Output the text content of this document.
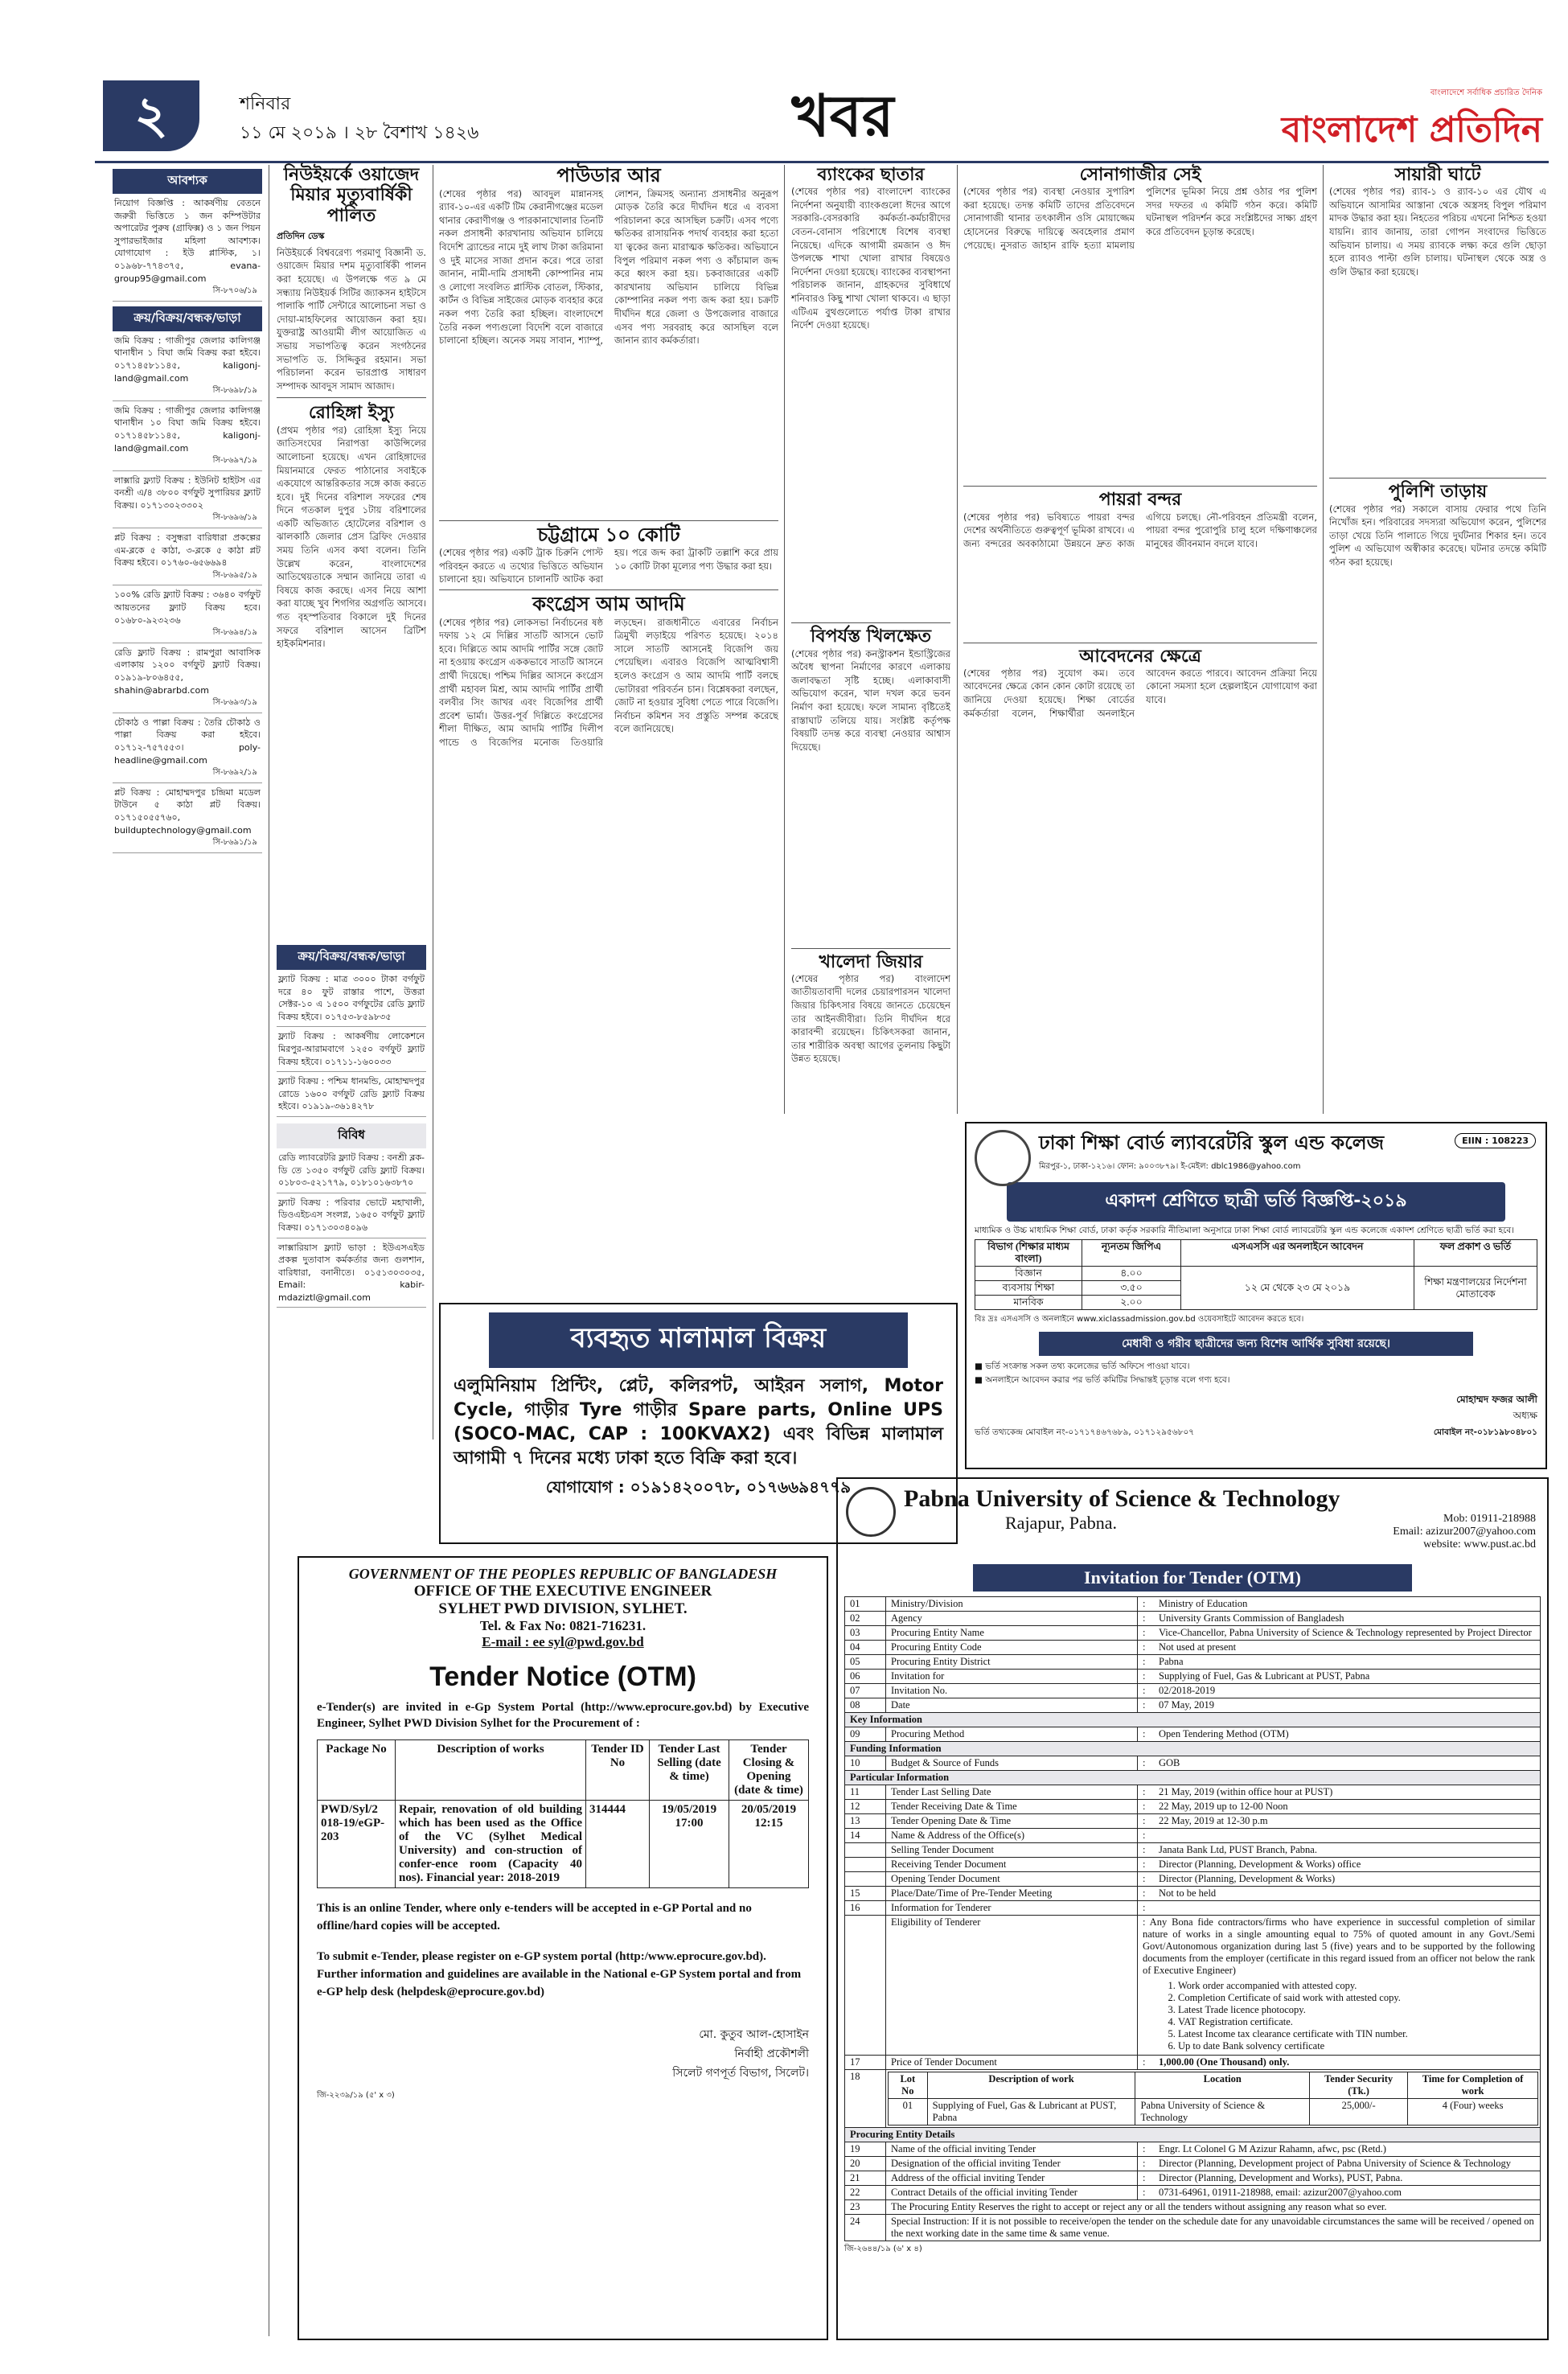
২	শনিবার
১১ মে ২০১৯ । ২৮ বৈশাখ ১৪২৬	খবর	বাংলাদেশে সর্বাধিক প্রচারিত দৈনিক
বাংলাদেশ প্রতিদিন
আবশ্যক
নিয়োগ বিজ্ঞপ্তি : আকর্ষণীয় বেতনে জরুরী ভিত্তিতে ১ জন কম্পিউটার অপারেটর পুরুষ (গ্রাফিক্স) ও ১ জন পিয়ন সুপারভাইজার মহিলা আবশ্যক। যোগাযোগ : ইউ প্লাস্টিক, ১। ০১৯৬৮-৭৭৪৩৭৫, evana-group95@gmail.com
সি-৮৭০৬/১৯
ক্রয়/বিক্রয়/বন্ধক/ভাড়া
জমি বিক্রয় : গাজীপুর জেলার কালিগঞ্জ থানাধীন ১ বিঘা জমি বিক্রয় করা হইবে। ০১৭১৪৫৮১১৪৫, kaligonj-land@gmail.com
সি-৮৬৯৮/১৯
জমি বিক্রয় : গাজীপুর জেলার কালিগঞ্জ থানাধীন ১০ বিঘা জমি বিক্রয় হইবে। ০১৭১৪৫৮১১৪৫, kaligonj-land@gmail.com
সি-৮৬৯৭/১৯
লাক্সারি ফ্ল্যাট বিক্রয় : ইউনিট হাইটস এর বনশ্রী এ/৪ ৩৮০০ বর্গফুট সুপারিয়র ফ্ল্যাট বিক্রয়। ০১৭১৩০২৩৩০২
সি-৮৬৯৬/১৯
প্লট বিক্রয় : বসুন্ধরা বারিধারা প্রকল্পের এম-ব্লকে ৫ কাঠা, ৩-ব্লকে ৫ কাঠা প্লট বিক্রয় হইবে। ০১৭৬০-৬৫৬৬৯৪
সি-৮৬৯৫/১৯
১০০% রেডি ফ্ল্যাট বিক্রয় : ৩৬৪০ বর্গফুট আয়তনের ফ্ল্যাট বিক্রয় হবে। ০১৬৮০-৯২৩২৩৬
সি-৮৬৯৪/১৯
রেডি ফ্ল্যাট বিক্রয় : রামপুরা আবাসিক এলাকায় ১২০০ বর্গফুট ফ্ল্যাট বিক্রয়। ০১৯১৯-৮০৬৪৫৫, shahin@abrarbd.com
সি-৮৬৯৩/১৯
চৌকাঠ ও পাল্লা বিক্রয় : তৈরি চৌকাঠ ও পাল্লা বিক্রয় করা হইবে। ০১৭১২-৭৫৭৫৫৩। poly-headline@gmail.com
সি-৮৬৯২/১৯
প্লট বিক্রয় : মোহাম্মদপুর চন্দ্রিমা মডেল টাউনে ৫ কাঠা প্লট বিক্রয়। ০১৭১৫০৫৫৭৬০, builduptechnology@gmail.com
সি-৮৬৯১/১৯
নিউইয়র্কে ওয়াজেদ মিয়ার মৃত্যুবার্ষিকী পালিত
প্রতিদিন ডেস্ক
নিউইয়র্কে বিশ্ববরেণ্য পরমাণু বিজ্ঞানী ড. ওয়াজেদ মিয়ার দশম মৃত্যুবার্ষিকী পালন করা হয়েছে। এ উপলক্ষে গত ৯ মে সন্ধ্যায় নিউইয়র্ক সিটির জ্যাকসন হাইটসে পালাকি পার্টি সেন্টারে আলোচনা সভা ও দোয়া-মাহফিলের আয়োজন করা হয়। যুক্তরাষ্ট্র আওয়ামী লীগ আয়োজিত এ সভায় সভাপতিত্ব করেন সংগঠনের সভাপতি ড. সিদ্দিকুর রহমান। সভা পরিচালনা করেন ভারপ্রাপ্ত সাধারণ সম্পাদক আবদুস সামাদ আজাদ।
রোহিঙ্গা ইস্যু
(প্রথম পৃষ্ঠার পর) রোহিঙ্গা ইস্যু নিয়ে জাতিসংঘের নিরাপত্তা কাউন্সিলের আলোচনা হয়েছে। এখন রোহিঙ্গাদের মিয়ানমারে ফেরত পাঠানোর সবাইকে একযোগে আন্তরিকতার সঙ্গে কাজ করতে হবে। দুই দিনের বরিশাল সফরের শেষ দিনে গতকাল দুপুর ১টায় বরিশালের একটি অভিজাত হোটেলের বরিশাল ও ঝালকাঠি জেলার প্রেস ব্রিফিং দেওয়ার সময় তিনি এসব কথা বলেন। তিনি উল্লেখ করেন, বাংলাদেশের আতিথেয়তাকে সম্মান জানিয়ে তারা এ বিষয়ে কাজ করছে। এসব নিয়ে আশা করা যাচ্ছে খুব শিগগির অগ্রগতি আসবে। গত বৃহস্পতিবার বিকালে দুই দিনের সফরে বরিশাল আসেন ব্রিটিশ হাইকমিশনার।
ক্রয়/বিক্রয়/বন্ধক/ভাড়া
ফ্ল্যাট বিক্রয় : মাত্র ৩০০০ টাকা বর্গফুট দরে ৪০ ফুট রাস্তার পাশে, উত্তরা সেক্টর-১০ এ ১৫০০ বর্গফুটের রেডি ফ্ল্যাট বিক্রয় হইবে। ০১৭৫৩-৮৫৯৮৩৫
ফ্ল্যাট বিক্রয় : আকর্ষণীয় লোকেশনে মিরপুর-আরামবাগে ১২৫০ বর্গফুট ফ্ল্যাট বিক্রয় হইবে। ০১৭১১-১৬০০৩৩
ফ্ল্যাট বিক্রয় : পশ্চিম ধানমন্ডি, মোহাম্মদপুর রোডে ১৬০০ বর্গফুট রেডি ফ্ল্যাট বিক্রয় হইবে। ০১৯১৯-৩৬১৪২৭৮
বিবিধ
রেডি ল্যাবরেটরি ফ্ল্যাট বিক্রয় : বনশ্রী ব্লক-ডি তে ১৩৫০ বর্গফুট রেডি ফ্ল্যাট বিক্রয়। ০১৮০৩-৫২১৭৭৯, ০১৮১০১৬৩৮৭০
ফ্ল্যাট বিক্রয় : পরিবার ভোটে মহাখালী, ডিওএইচএস সংলগ্ন, ১৬৫০ বর্গফুট ফ্ল্যাট বিক্রয়। ০১৭১৩০৩৪০৯৬
লাক্সারিয়াস ফ্ল্যাট ভাড়া : ইউএসএইড প্রকল্প দুতাবাস কর্মকর্তার জন্য গুলশান, বারিধারা, বনানীতে। ০১৫১৩০৩০৩৫, Email: kabir-mdaziztl@gmail.com
পাউডার আর
(শেষের পৃষ্ঠার পর) আবদুল মান্নানসহ র‌্যাব-১০-এর একটি টিম কেরানীগঞ্জের মডেল থানার কেরাণীগঞ্জ ও পারকানাখোলার তিনটি নকল প্রসাধনী কারখানায় অভিযান চালিয়ে বিদেশি ব্র্যান্ডের নামে দুই লাখ টাকা জরিমানা ও দুই মাসের সাজা প্রদান করে। পরে তারা জানান, নামী-দামি প্রসাধনী কোম্পানির নাম ও লোগো সংবলিত প্লাস্টিক বোতল, স্টিকার, কার্টন ও বিভিন্ন সাইজের মোড়ক ব্যবহার করে নকল পণ্য তৈরি করা হচ্ছিল। বাংলাদেশে তৈরি নকল পণ্যগুলো বিদেশি বলে বাজারে চালানো হচ্ছিল। অনেক সময় সাবান, শ্যাম্পু, লোশন, ক্রিমসহ অন্যান্য প্রসাধনীর অনুরূপ মোড়ক তৈরি করে দীর্ঘদিন ধরে এ ব্যবসা পরিচালনা করে আসছিল চক্রটি। এসব পণ্যে ক্ষতিকর রাসায়নিক পদার্থ ব্যবহার করা হতো যা ত্বকের জন্য মারাত্মক ক্ষতিকর। অভিযানে বিপুল পরিমাণ নকল পণ্য ও কাঁচামাল জব্দ করে ধ্বংস করা হয়। চকবাজারের একটি কারখানায় অভিযান চালিয়ে বিভিন্ন কোম্পানির নকল পণ্য জব্দ করা হয়। চক্রটি দীর্ঘদিন ধরে জেলা ও উপজেলার বাজারে এসব পণ্য সরবরাহ করে আসছিল বলে জানান র‌্যাব কর্মকর্তারা।
চট্টগ্রামে ১০ কোটি
(শেষের পৃষ্ঠার পর) একটি ট্রাক চিরুনি পোস্ট পরিবহন করতে এ তথ্যের ভিত্তিতে অভিযান চালানো হয়। অভিযানে চালানটি আটক করা হয়। পরে জব্দ করা ট্রাকটি তল্লাশি করে প্রায় ১০ কোটি টাকা মূল্যের পণ্য উদ্ধার করা হয়।
কংগ্রেস আম আদমি
(শেষের পৃষ্ঠার পর) লোকসভা নির্বাচনের ষষ্ঠ দফায় ১২ মে দিল্লির সাতটি আসনে ভোট হবে। দিল্লিতে আম আদমি পার্টির সঙ্গে জোট না হওয়ায় কংগ্রেস এককভাবে সাতটি আসনে প্রার্থী দিয়েছে। পশ্চিম দিল্লির আসনে কংগ্রেস প্রার্থী মহাবল মিশ্র, আম আদমি পার্টির প্রার্থী বলবীর সিং জাখর এবং বিজেপির প্রার্থী প্রবেশ ভার্মা। উত্তর-পূর্ব দিল্লিতে কংগ্রেসের শীলা দীক্ষিত, আম আদমি পার্টির দিলীপ পান্ডে ও বিজেপির মনোজ তিওয়ারি লড়ছেন। রাজধানীতে এবারের নির্বাচন ত্রিমুখী লড়াইয়ে পরিণত হয়েছে। ২০১৪ সালে সাতটি আসনেই বিজেপি জয় পেয়েছিল। এবারও বিজেপি আত্মবিশ্বাসী হলেও কংগ্রেস ও আম আদমি পার্টি বলছে ভোটাররা পরিবর্তন চান। বিশ্লেষকরা বলছেন, জোট না হওয়ার সুবিধা পেতে পারে বিজেপি। নির্বাচন কমিশন সব প্রস্তুতি সম্পন্ন করেছে বলে জানিয়েছে।
ব্যাংকের ছাতার
(শেষের পৃষ্ঠার পর) বাংলাদেশ ব্যাংকের নির্দেশনা অনুযায়ী ব্যাংকগুলো ঈদের আগে সরকারি-বেসরকারি কর্মকর্তা-কর্মচারীদের বেতন-বোনাস পরিশোধে বিশেষ ব্যবস্থা নিয়েছে। এদিকে আগামী রমজান ও ঈদ উপলক্ষে শাখা খোলা রাখার বিষয়েও নির্দেশনা দেওয়া হয়েছে। ব্যাংকের ব্যবস্থাপনা পরিচালক জানান, গ্রাহকদের সুবিধার্থে শনিবারও কিছু শাখা খোলা থাকবে। এ ছাড়া এটিএম বুথগুলোতে পর্যাপ্ত টাকা রাখার নির্দেশ দেওয়া হয়েছে।
বিপর্যস্ত খিলক্ষেত
(শেষের পৃষ্ঠার পর) কনস্ট্রাকশন ইন্ডাস্ট্রিজের অবৈধ স্থাপনা নির্মাণের কারণে এলাকায় জলাবদ্ধতা সৃষ্টি হচ্ছে। এলাকাবাসী অভিযোগ করেন, খাল দখল করে ভবন নির্মাণ করা হয়েছে। ফলে সামান্য বৃষ্টিতেই রাস্তাঘাট তলিয়ে যায়। সংশ্লিষ্ট কর্তৃপক্ষ বিষয়টি তদন্ত করে ব্যবস্থা নেওয়ার আশ্বাস দিয়েছে।
খালেদা জিয়ার
(শেষের পৃষ্ঠার পর) বাংলাদেশ জাতীয়তাবাদী দলের চেয়ারপারসন খালেদা জিয়ার চিকিৎসার বিষয়ে জানতে চেয়েছেন তার আইনজীবীরা। তিনি দীর্ঘদিন ধরে কারাবন্দী রয়েছেন। চিকিৎসকরা জানান, তার শারীরিক অবস্থা আগের তুলনায় কিছুটা উন্নত হয়েছে।
সোনাগাজীর সেই
(শেষের পৃষ্ঠার পর) ব্যবস্থা নেওয়ার সুপারিশ করা হয়েছে। তদন্ত কমিটি তাদের প্রতিবেদনে সোনাগাজী থানার তৎকালীন ওসি মোয়াজ্জেম হোসেনের বিরুদ্ধে দায়িত্বে অবহেলার প্রমাণ পেয়েছে। নুসরাত জাহান রাফি হত্যা মামলায় পুলিশের ভূমিকা নিয়ে প্রশ্ন ওঠার পর পুলিশ সদর দফতর এ কমিটি গঠন করে। কমিটি ঘটনাস্থল পরিদর্শন করে সংশ্লিষ্টদের সাক্ষ্য গ্রহণ করে প্রতিবেদন চূড়ান্ত করেছে।
পায়রা বন্দর
(শেষের পৃষ্ঠার পর) ভবিষ্যতে পায়রা বন্দর দেশের অর্থনীতিতে গুরুত্বপূর্ণ ভূমিকা রাখবে। এ জন্য বন্দরের অবকাঠামো উন্নয়নে দ্রুত কাজ এগিয়ে চলছে। নৌ-পরিবহন প্রতিমন্ত্রী বলেন, পায়রা বন্দর পুরোপুরি চালু হলে দক্ষিণাঞ্চলের মানুষের জীবনমান বদলে যাবে।
আবেদনের ক্ষেত্রে
(শেষের পৃষ্ঠার পর) সুযোগ কম। তবে আবেদনের ক্ষেত্রে কোন কোন কোটা রয়েছে তা জানিয়ে দেওয়া হয়েছে। শিক্ষা বোর্ডের কর্মকর্তারা বলেন, শিক্ষার্থীরা অনলাইনে আবেদন করতে পারবে। আবেদন প্রক্রিয়া নিয়ে কোনো সমস্যা হলে হেল্পলাইনে যোগাযোগ করা যাবে।
সায়ারী ঘাটে
(শেষের পৃষ্ঠার পর) র‌্যাব-১ ও র‌্যাব-১০ এর যৌথ এ অভিযানে আসামির আস্তানা থেকে অস্ত্রসহ বিপুল পরিমাণ মাদক উদ্ধার করা হয়। নিহতের পরিচয় এখনো নিশ্চিত হওয়া যায়নি। র‌্যাব জানায়, তারা গোপন সংবাদের ভিত্তিতে অভিযান চালায়। এ সময় র‌্যাবকে লক্ষ্য করে গুলি ছোড়া হলে র‌্যাবও পাল্টা গুলি চালায়। ঘটনাস্থল থেকে অস্ত্র ও গুলি উদ্ধার করা হয়েছে।
পুলিশি তাড়ায়
(শেষের পৃষ্ঠার পর) সকালে বাসায় ফেরার পথে তিনি নিখোঁজ হন। পরিবারের সদস্যরা অভিযোগ করেন, পুলিশের তাড়া খেয়ে তিনি পালাতে গিয়ে দুর্ঘটনার শিকার হন। তবে পুলিশ এ অভিযোগ অস্বীকার করেছে। ঘটনার তদন্তে কমিটি গঠন করা হয়েছে।
ঢাকা শিক্ষা বোর্ড ল্যাবরেটরি স্কুল এন্ড কলেজ	EIIN : 108223
মিরপুর-১, ঢাকা-১২১৬। ফোন: ৯০০৩৮৭৯। ই-মেইল: dblc1986@yahoo.com
একাদশ শ্রেণিতে ছাত্রী ভর্তি বিজ্ঞপ্তি-২০১৯
মাধ্যমিক ও উচ্চ মাধ্যমিক শিক্ষা বোর্ড, ঢাকা কর্তৃক সরকারি নীতিমালা অনুসারে ঢাকা শিক্ষা বোর্ড ল্যাবরেটরি স্কুল এন্ড কলেজে একাদশ শ্রেণিতে ছাত্রী ভর্তি করা হবে।
বিভাগ (শিক্ষার মাধ্যম বাংলা)	ন্যূনতম জিপিএ	এসএসসি এর অনলাইনে আবেদন	ফল প্রকাশ ও ভর্তি
বিজ্ঞান	৪.০০	১২ মে থেকে ২৩ মে ২০১৯	শিক্ষা মন্ত্রণালয়ের নির্দেশনা মোতাবেক
ব্যবসায় শিক্ষা	৩.৫০		
মানবিক	২.০০		
বিঃ দ্রঃ এসএসসি ও অনলাইনে www.xiclassadmission.gov.bd ওয়েবসাইটে আবেদন করতে হবে।
মেধাবী ও গরীব ছাত্রীদের জন্য বিশেষ আর্থিক সুবিধা রয়েছে।
■ ভর্তি সংক্রান্ত সকল তথ্য কলেজের ভর্তি অফিসে পাওয়া যাবে।
■ অনলাইনে আবেদন করার পর ভর্তি কমিটির সিদ্ধান্তই চূড়ান্ত বলে গণ্য হবে।
মোহাম্মদ ফজর আলী
অধ্যক্ষ
ভর্তি তথ্যকেন্দ্র মোবাইল নং-০১৭১৭৪৬৭৬৮৯, ০১৭১২৯৫৬৮০৭	মোবাইল নং-০১৮১৯৮০৪৮০১
ব্যবহৃত মালামাল বিক্রয়
এলুমিনিয়াম প্রিন্টিং, প্লেট, কলিরপট, আইরন সলাগ, Motor Cycle, গাড়ীর Tyre গাড়ীর Spare parts, Online UPS (SOCO-MAC, CAP : 100KVAX2) এবং বিভিন্ন মালামাল আগামী ৭ দিনের মধ্যে ঢাকা হতে বিক্রি করা হবে।
যোগাযোগ : ০১৯১৪২০০৭৮, ০১৭৬৬৯৪৭৭৯
GOVERNMENT OF THE PEOPLES REPUBLIC OF BANGLADESH
OFFICE OF THE EXECUTIVE ENGINEER
SYLHET PWD DIVISION, SYLHET.
Tel. & Fax No: 0821-716231.
E-mail : ee syl@pwd.gov.bd
Tender Notice (OTM)
e-Tender(s) are invited in e-Gp System Portal (http://www.eprocure.gov.bd) by Executive Engineer, Sylhet PWD Division Sylhet for the Procurement of :
Package No	Description of works	Tender ID No	Tender Last Selling (date & time)	Tender Closing & Opening (date & time)
PWD/Syl/2 018-19/eGP-203	Repair, renovation of old building which has been used as the Office of the VC (Sylhet Medical University) and con-struction of confer-ence room (Capacity 40 nos). Financial year: 2018-2019	314444	19/05/2019 17:00	20/05/2019 12:15
This is an online Tender, where only e-tenders will be accepted in e-GP Portal and no offline/hard copies will be accepted.
To submit e-Tender, please register on e-GP system portal (http:/www.eprocure.gov.bd). Further information and guidelines are available in the National e-GP System portal and from e-GP help desk (helpdesk@eprocure.gov.bd)
মো. কুতুব আল-হোসাইন
নির্বাহী প্রকৌশলী
সিলেট গণপূর্ত বিভাগ, সিলেট।
জি-২২৩৯/১৯ (৫' x ৩)
Pabna University of Science & Technology
Rajapur, Pabna.	Mob: 01911-218988
Email: azizur2007@yahoo.com
website: www.pust.ac.bd
Invitation for Tender (OTM)
01	Ministry/Division	:	Ministry of Education
02	Agency	:	University Grants Commission of Bangladesh
03	Procuring Entity Name	:	Vice-Chancellor, Pabna University of Science & Technology represented by Project Director
04	Procuring Entity Code	:	Not used at present
05	Procuring Entity District	:	Pabna
06	Invitation for	:	Supplying of Fuel, Gas & Lubricant at PUST, Pabna
07	Invitation No.	:	02/2018-2019
08	Date	:	07 May, 2019
Key Information
09	Procuring Method	:	Open Tendering Method (OTM)
Funding Information
10	Budget & Source of Funds	:	GOB
Particular Information
11	Tender Last Selling Date	:	21 May, 2019 (within office hour at PUST)
12	Tender Receiving Date & Time	:	22 May, 2019 up to 12-00 Noon
13	Tender Opening Date & Time	:	22 May, 2019 at 12-30 p.m
14	Name & Address of the Office(s)	:	
	Selling Tender Document	:	Janata Bank Ltd, PUST Branch, Pabna.
	Receiving Tender Document	:	Director (Planning, Development & Works) office
	Opening Tender Document	:	Director (Planning, Development & Works)
15	Place/Date/Time of Pre-Tender Meeting	:	Not to be held
16	Information for Tenderer	:	
	Eligibility of Tenderer	: Any Bona fide contractors/firms who have experience in successful completion of similar nature of works in a single amounting equal to 75% of quoted amount in any Govt./Semi Govt/Autonomous organization during last 5 (five) years and to be supported by the following documents from the employer (certificate in this regard issued from an officer not below the rank of Executive Engineer)
1. Work order accompanied with attested copy.
2. Completion Certificate of said work with attested copy.
3. Latest Trade licence photocopy.
4. VAT Registration certificate.
5. Latest Income tax clearance certificate with TIN number.
6. Up to date Bank solvency certificate

17	Price of Tender Document	:	1,000.00 (One Thousand) only.
18		Lot No	Description of work	Location	Tender Security (Tk.)	Time for Completion of work
01	Supplying of Fuel, Gas & Lubricant at PUST, Pabna	Pabna University of Science & Technology	25,000/-	4 (Four) weeks

Procuring Entity Details
19	Name of the official inviting Tender	:	Engr. Lt Colonel G M Azizur Rahamn, afwc, psc (Retd.)
20	Designation of the official inviting Tender	:	Director (Planning, Development project of Pabna University of Science & Technology
21	Address of the official inviting Tender	:	Director (Planning, Development and Works), PUST, Pabna.
22	Contract Details of the official inviting Tender	:	0731-64961, 01911-218988, email: azizur2007@yahoo.com
23	The Procuring Entity Reserves the right to accept or reject any or all the tenders without assigning any reason what so ever.
24	Special Instruction: If it is not possible to receive/open the tender on the schedule date for any unavoidable circumstances the same will be received / opened on the next working date in the same time & same venue.
জি-২৬৪৪/১৯ (৬' x ৪)
